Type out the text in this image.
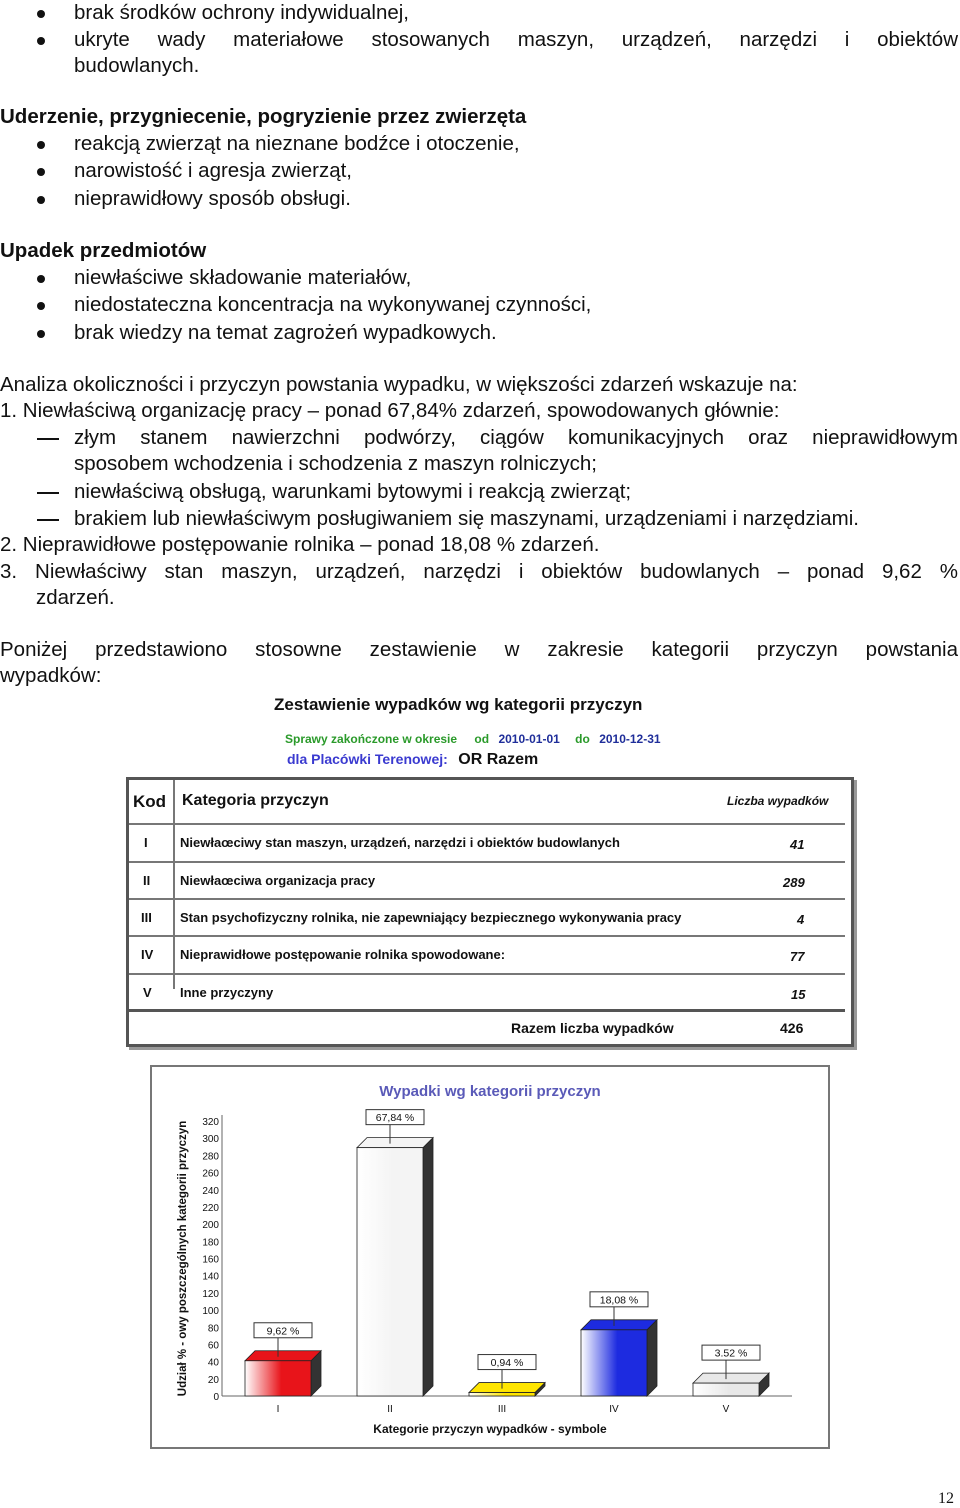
brak środków ochrony indywidualnej,
ukryte wady materiałowe stosowanych maszyn, urządzeń, narzędzi i obiektów
budowlanych.
Uderzenie, przygniecenie, pogryzienie przez zwierzęta
reakcją zwierząt na nieznane bodźce i otoczenie,
narowistość i agresja zwierząt,
nieprawidłowy sposób obsługi.
Upadek przedmiotów
niewłaściwe składowanie materiałów,
niedostateczna koncentracja na wykonywanej czynności,
brak wiedzy na temat zagrożeń wypadkowych.
Analiza okoliczności i przyczyn powstania wypadku, w większości zdarzeń wskazuje na:
1. Niewłaściwą organizację pracy – ponad 67,84% zdarzeń, spowodowanych głównie:
złym stanem nawierzchni podwórzy, ciągów komunikacyjnych oraz nieprawidłowym
sposobem wchodzenia i schodzenia z maszyn rolniczych;
niewłaściwą obsługą, warunkami bytowymi i reakcją zwierząt;
brakiem lub niewłaściwym posługiwaniem się maszynami, urządzeniami i narzędziami.
2. Nieprawidłowe postępowanie rolnika – ponad 18,08 % zdarzeń.
3. Niewłaściwy stan maszyn, urządzeń, narzędzi i obiektów budowlanych – ponad 9,62 %
zdarzeń.
Poniżej przedstawiono stosowne zestawienie w zakresie kategorii przyczyn powstania
wypadków:
Zestawienie wypadków wg kategorii przyczyn
Sprawy zakończone w okresie od 2010-01-01 do 2010-12-31
dla Placówki Terenowej: OR Razem
Kod Kategoria przyczyn	Liczba wypadków
I Niewłaœciwy stan maszyn, urządzeń, narzędzi i obiektów budowlanych	41
II Niewłaœciwa organizacja pracy	289
III Stan psychofizyczny rolnika, nie zapewniający bezpiecznego wykonywania pracy	4
IV Nieprawidłowe postępowanie rolnika spowodowane:	77
V Inne przyczyny	15
Razem liczba wypadków	426
Wypadki wg kategorii przyczyn
Udział % - owy poszczególnych kategorii przyczyn
0
20
40
60
80
100
120
140
160
180
200
220
240
260
280
300
320
9,62 %
I
67,84 %
II
0,94 %
III
18,08 %
IV
3.52 %
V
Kategorie przyczyn wypadków - symbole
12
